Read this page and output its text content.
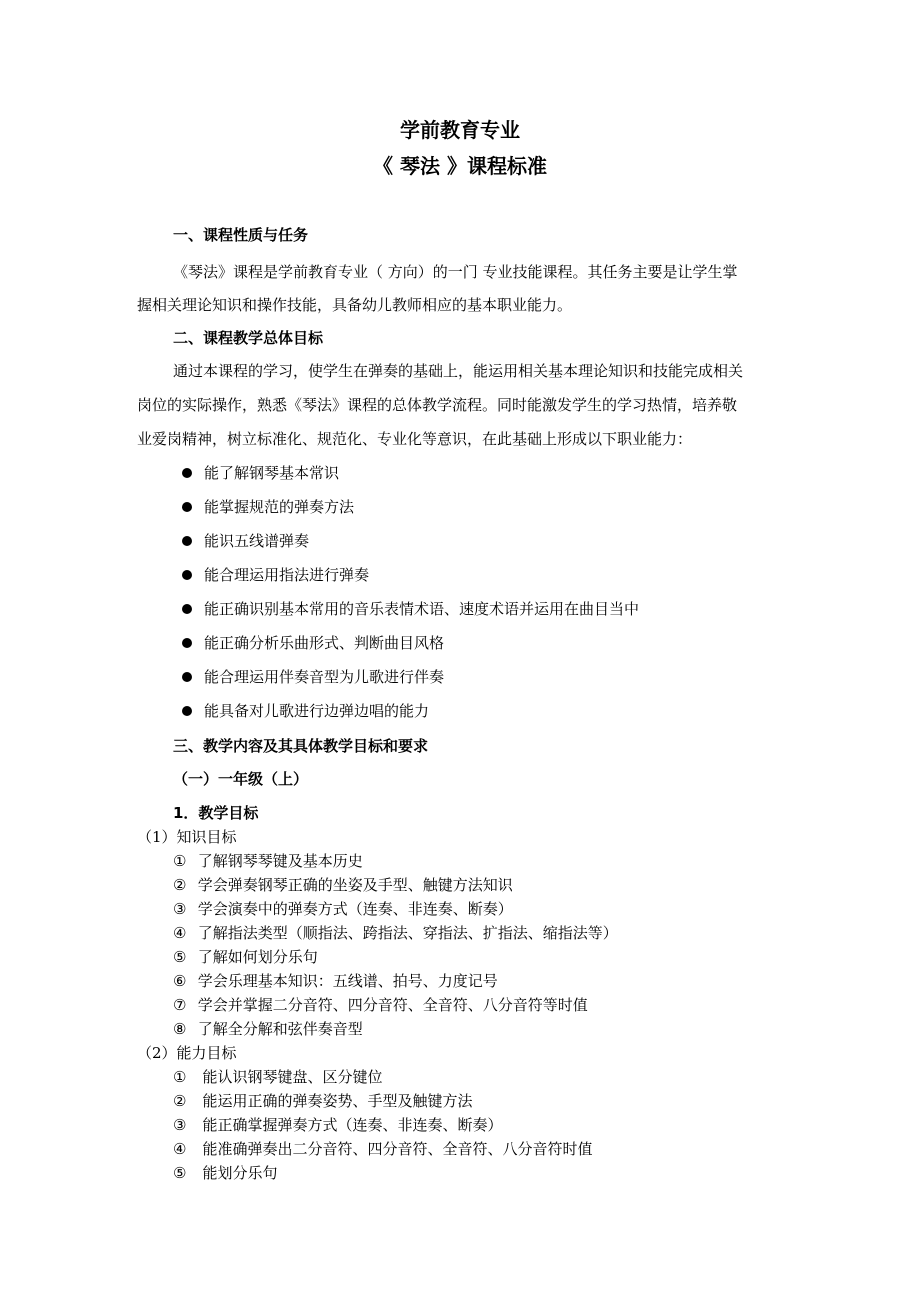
学前教育专业
《 琴法 》课程标准
一、课程性质与任务
《琴法》课程是学前教育专业（ 方向）的一门 专业技能课程。其任务主要是让学生掌
握相关理论知识和操作技能，具备幼儿教师相应的基本职业能力。
二、课程教学总体目标
通过本课程的学习，使学生在弹奏的基础上，能运用相关基本理论知识和技能完成相关
岗位的实际操作，熟悉《琴法》课程的总体教学流程。同时能激发学生的学习热情，培养敬
业爱岗精神，树立标准化、规范化、专业化等意识，在此基础上形成以下职业能力：
能了解钢琴基本常识
能掌握规范的弹奏方法
能识五线谱弹奏
能合理运用指法进行弹奏
能正确识别基本常用的音乐表情术语、速度术语并运用在曲目当中
能正确分析乐曲形式、判断曲目风格
能合理运用伴奏音型为儿歌进行伴奏
能具备对儿歌进行边弹边唱的能力
三、教学内容及其具体教学目标和要求
（一）一年级（上）
1．教学目标
（1）知识目标
① 了解钢琴琴键及基本历史
② 学会弹奏钢琴正确的坐姿及手型、触键方法知识
③ 学会演奏中的弹奏方式（连奏、非连奏、断奏）
④ 了解指法类型（顺指法、跨指法、穿指法、扩指法、缩指法等）
⑤ 了解如何划分乐句
⑥ 学会乐理基本知识：五线谱、拍号、力度记号
⑦ 学会并掌握二分音符、四分音符、全音符、八分音符等时值
⑧ 了解全分解和弦伴奏音型
（2）能力目标
① 能认识钢琴键盘、区分键位
② 能运用正确的弹奏姿势、手型及触键方法
③ 能正确掌握弹奏方式（连奏、非连奏、断奏）
④ 能准确弹奏出二分音符、四分音符、全音符、八分音符时值
⑤ 能划分乐句
